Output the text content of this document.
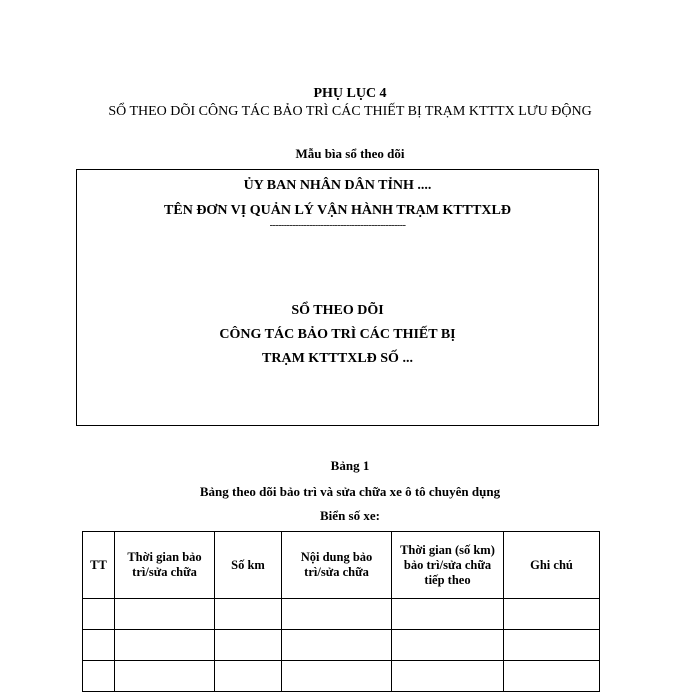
PHỤ LỤC 4
SỔ THEO DÕI CÔNG TÁC BẢO TRÌ CÁC THIẾT BỊ TRẠM KTTTX LƯU ĐỘNG
Mẫu bìa sổ theo dõi
ỦY BAN NHÂN DÂN TỈNH ....
TÊN ĐƠN VỊ QUẢN LÝ VẬN HÀNH TRẠM KTTTXLĐ
------------------------------------------------
SỔ THEO DÕI
CÔNG TÁC BẢO TRÌ CÁC THIẾT BỊ
TRẠM KTTTXLĐ SỐ ...
Bảng 1
Bảng theo dõi bảo trì và sửa chữa xe ô tô chuyên dụng
Biển số xe:
TT	Thời gian bảo trì/sửa chữa	Số km	Nội dung bảo trì/sửa chữa	Thời gian (số km) bảo trì/sửa chữa tiếp theo	Ghi chú
